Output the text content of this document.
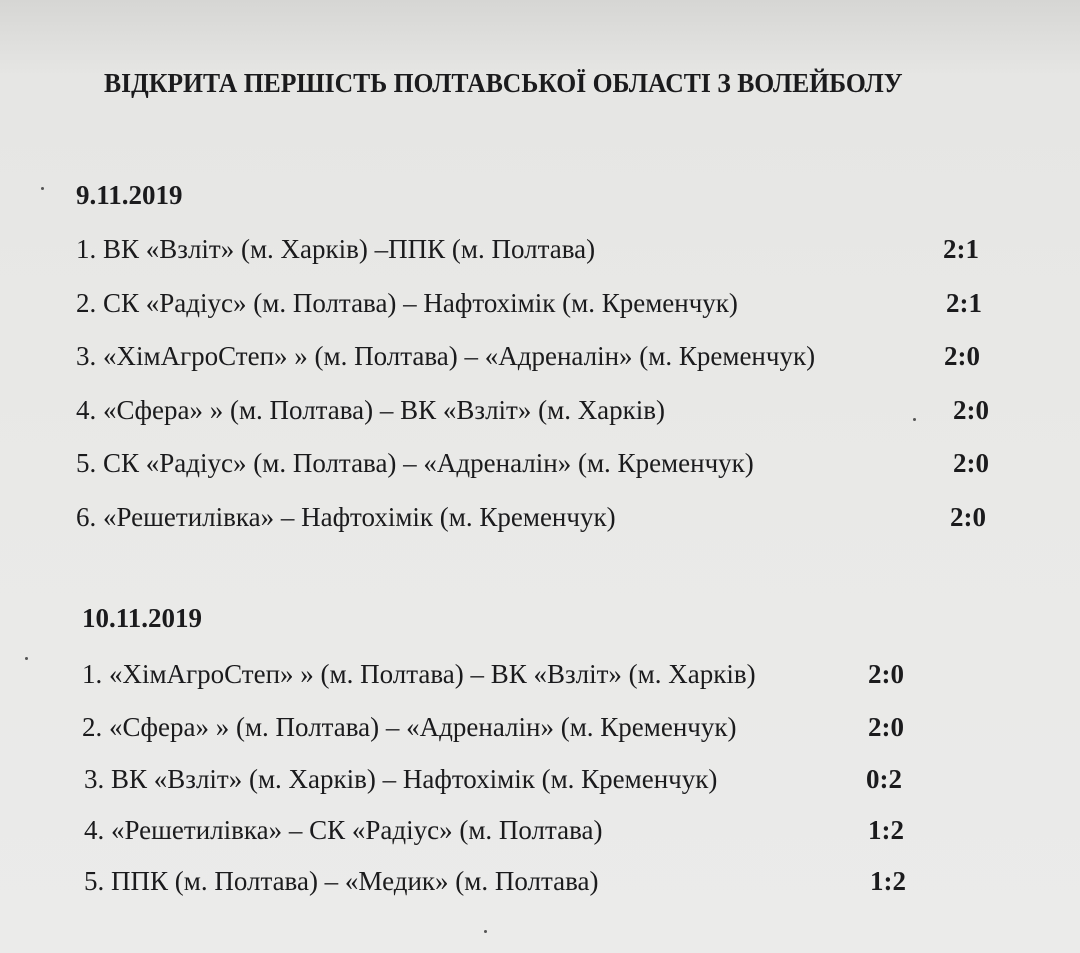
ВІДКРИТА ПЕРШІСТЬ ПОЛТАВСЬКОЇ ОБЛАСТІ З ВОЛЕЙБОЛУ
9.11.2019
1. ВК «Взліт» (м. Харків) –ППК (м. Полтава)	2:1
2. СК «Радіус» (м. Полтава) – Нафтохімік (м. Кременчук)	2:1
3. «ХімАгроСтеп» » (м. Полтава) – «Адреналін» (м. Кременчук)	2:0
4. «Сфера» » (м. Полтава) – ВК «Взліт» (м. Харків)	2:0
5. СК «Радіус» (м. Полтава) – «Адреналін» (м. Кременчук)	2:0
6. «Решетилівка» – Нафтохімік (м. Кременчук)	2:0
10.11.2019
1. «ХімАгроСтеп» » (м. Полтава) – ВК «Взліт» (м. Харків)	2:0
2. «Сфера» » (м. Полтава) – «Адреналін» (м. Кременчук)	2:0
3. ВК «Взліт» (м. Харків) – Нафтохімік (м. Кременчук)	0:2
4. «Решетилівка» – СК «Радіус» (м. Полтава)	1:2
5. ППК (м. Полтава) – «Медик» (м. Полтава)	1:2
